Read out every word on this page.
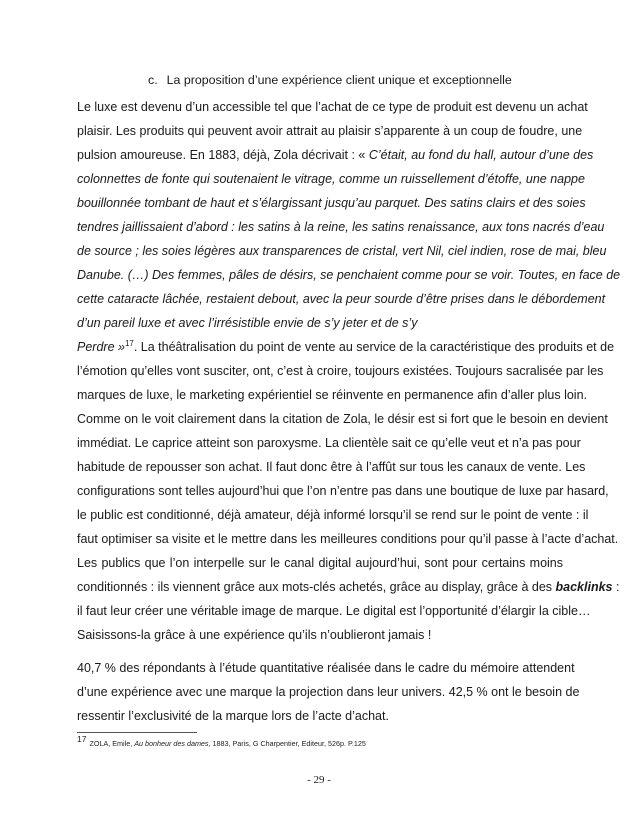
c. La proposition d’une expérience client unique et exceptionnelle
Le luxe est devenu d’un accessible tel que l’achat de ce type de produit est devenu un achat
plaisir. Les produits qui peuvent avoir attrait au plaisir s’apparente à un coup de foudre, une
pulsion amoureuse. En 1883, déjà, Zola décrivait : « C’était, au fond du hall, autour d’une des
colonnettes de fonte qui soutenaient le vitrage, comme un ruissellement d’étoffe, une nappe
bouillonnée tombant de haut et s’élargissant jusqu’au parquet. Des satins clairs et des soies
tendres jaillissaient d’abord : les satins à la reine, les satins renaissance, aux tons nacrés d’eau
de source ; les soies légères aux transparences de cristal, vert Nil, ciel indien, rose de mai, bleu
Danube. (…) Des femmes, pâles de désirs, se penchaient comme pour se voir. Toutes, en face de
cette cataracte lâchée, restaient debout, avec la peur sourde d’être prises dans le débordement
d’un pareil luxe et avec l’irrésistible envie de s’y jeter et de s’y
Perdre »$^{17}$. La théâtralisation du point de vente au service de la caractéristique des produits et de
l’émotion qu’elles vont susciter, ont, c’est à croire, toujours existées. Toujours sacralisée par les
marques de luxe, le marketing expérientiel se réinvente en permanence afin d’aller plus loin.
Comme on le voit clairement dans la citation de Zola, le désir est si fort que le besoin en devient
immédiat. Le caprice atteint son paroxysme. La clientèle sait ce qu’elle veut et n’a pas pour
habitude de repousser son achat. Il faut donc être à l’affût sur tous les canaux de vente. Les
configurations sont telles aujourd’hui que l’on n’entre pas dans une boutique de luxe par hasard,
le public est conditionné, déjà amateur, déjà informé lorsqu’il se rend sur le point de vente : il
faut optimiser sa visite et le mettre dans les meilleures conditions pour qu’il passe à l’acte d’achat.
Les publics que l’on interpelle sur le canal digital aujourd’hui, sont pour certains moins
conditionnés : ils viennent grâce aux mots-clés achetés, grâce au display, grâce à des backlinks :
il faut leur créer une véritable image de marque. Le digital est l’opportunité d’élargir la cible…
Saisissons-la grâce à une expérience qu’ils n’oublieront jamais !
40,7 % des répondants à l’étude quantitative réalisée dans le cadre du mémoire attendent
d’une expérience avec une marque la projection dans leur univers. 42,5 % ont le besoin de
ressentir l’exclusivité de la marque lors de l’acte d’achat.
17 ZOLA, Emile, Au bonheur des dames, 1883, Paris, G Charpentier, Editeur, 526p. P.125
- 29 -
